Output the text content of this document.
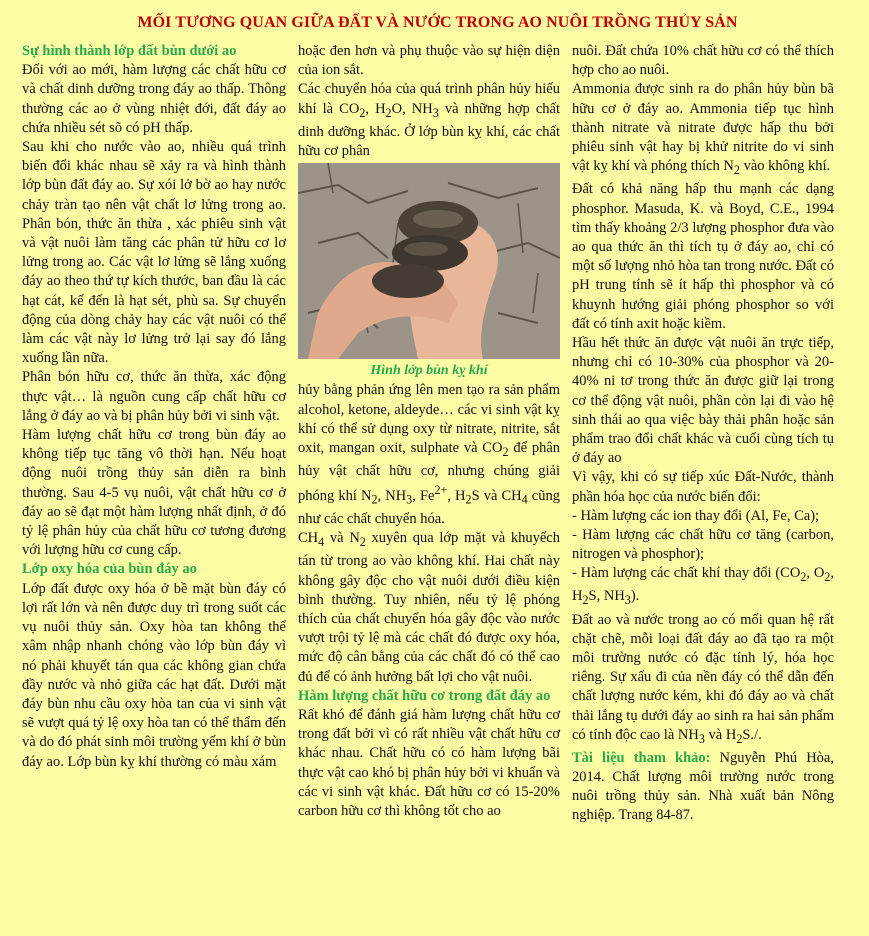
MỐI TƯƠNG QUAN GIỮA ĐẤT VÀ NƯỚC TRONG AO NUÔI TRỒNG THỦY SẢN

Sự hình thành lớp đất bùn dưới ao

Đối với ao mới, hàm lượng các chất hữu cơ và chất dinh dưỡng trong đáy ao thấp. Thông thường các ao ở vùng nhiệt đới, đất đáy ao chứa nhiều sét sõ có pH thấp.

Sau khi cho nước vào ao, nhiều quá trình biến đổi khác nhau sẽ xảy ra và hình thành lớp bùn đất đáy ao. Sự xói lở bờ ao hay nước chảy tràn tạo nên vật chất lơ lửng trong ao. Phân bón, thức ăn thừa , xác phiêu sinh vật và vật nuôi làm tăng các phân tử hữu cơ lơ lửng trong ao. Các vật lơ lửng sẽ lắng xuống đáy ao theo thứ tự kích thước, ban đầu là các hạt cát, kế đến là hạt sét, phù sa. Sự chuyển động của dòng chảy hay các vật nuôi có thể làm các vật này lơ lửng trở lại say đó lắng xuống lần nữa.

Phân bón hữu cơ, thức ăn thừa, xác động thực vật… là nguồn cung cấp chất hữu cơ lắng ở đáy ao và bị phân hủy bởi vi sinh vật.

Hàm lượng chất hữu cơ trong bùn đáy ao không tiếp tục tăng vô thời hạn. Nếu hoạt động nuôi trồng thủy sản diễn ra bình thường. Sau 4-5 vụ nuôi, vật chất hữu cơ ở đáy ao sẽ đạt một hàm lượng nhất định, ở đó tỷ lệ phân hủy của chất hữu cơ tương đương với lượng hữu cơ cung cấp.

Lớp oxy hóa của bùn đáy ao

Lớp đất được oxy hóa ở bề mặt bùn đáy có lợi rất lớn và nên được duy trì trong suốt các vụ nuôi thủy sản. Oxy hòa tan không thể xâm nhập nhanh chóng vào lớp bùn đáy vì nó phải khuyết tán qua các không gian chứa đầy nước và nhỏ giữa các hạt đất. Dưới mặt đáy bùn nhu cầu oxy hòa tan của vi sinh vật sẽ vượt quá tỷ lệ oxy hòa tan có thể thẩm đến và do đó phát sinh môi trường yếm khí ở bùn đáy ao. Lớp bùn kỵ khí thường có màu xám

hoặc đen hơn và phụ thuộc vào sự hiện diện của ion sắt.

Các chuyển hóa của quá trình phân hủy hiếu khí là $CO_2$, $H_2O$, $NH_3$ và những hợp chất dinh dưỡng khác. Ở lớp bùn kỵ khí, các chất hữu cơ phân

Hình lớp bùn kỵ khí

hủy bằng phản ứng lên men tạo ra sản phẩm alcohol, ketone, aldeyde… các vi sinh vật kỵ khí có thể sử dụng oxy từ nitrate, nitrite, sắt oxit, mangan oxit, sulphate và $CO_2$ để phân hủy vật chất hữu cơ, nhưng chúng giải phóng khí $N_2$, $NH_3$, $Fe^{2+}$, $H_2S$ và $CH_4$ cũng như các chất chuyển hóa.

$CH_4$ và $N_2$ xuyên qua lớp mặt và khuyếch tán từ trong ao vào không khí. Hai chất này không gây độc cho vật nuôi dưới điều kiện bình thường. Tuy nhiên, nếu tỷ lệ phóng thích của chất chuyển hóa gây độc vào nước vượt trội tỷ lệ mà các chất đó được oxy hóa, mức độ cân bằng của các chất đó có thể cao đủ để có ảnh hưởng bất lợi cho vật nuôi.

Hàm lượng chất hữu cơ trong đất đáy ao

Rất khó để đánh giá hàm lượng chất hữu cơ trong đất bởi vì có rất nhiều vật chất hữu cơ khác nhau. Chất hữu có có hàm lượng bãi thực vật cao khó bị phân hủy bởi vi khuẩn và các vi sinh vật khác. Đất hữu cơ có 15-20% carbon hữu cơ thì không tốt cho ao

nuôi. Đất chứa 10% chất hữu cơ có thể thích hợp cho ao nuôi.

Ammonia được sinh ra do phân hủy bùn bã hữu cơ ở đáy ao. Ammonia tiếp tục hình thành nitrate và nitrate được hấp thu bởi phiêu sinh vật hay bị khử nitrite do vi sinh vật kỵ khí và phóng thích $N_2$ vào không khí.

Đất có khả năng hấp thu mạnh các dạng phosphor. Masuda, K. và Boyd, C.E., 1994 tìm thấy khoảng 2/3 lượng phosphor đưa vào ao qua thức ăn thì tích tụ ở đáy ao, chỉ có một số lượng nhỏ hòa tan trong nước. Đất có pH trung tính sẽ ít hấp thì phosphor và có khuynh hướng giải phóng phosphor so với đất có tính axit hoặc kiềm.

Hầu hết thức ăn được vật nuôi ăn trực tiếp, nhưng chỉ có 10-30% của phosphor và 20-40% ni tơ trong thức ăn được giữ lại trong cơ thể động vật nuôi, phần còn lại đi vào hệ sinh thái ao qua việc bày thải phân hoặc sản phẩm trao đổi chất khác và cuối cùng tích tụ ở đáy ao

Vì vậy, khi có sự tiếp xúc Đất-Nước, thành phần hóa học của nước biến đổi:

- Hàm lượng các ion thay đổi (Al, Fe, Ca);

- Hàm lượng các chất hữu cơ tăng (carbon, nitrogen và phosphor);

- Hàm lượng các chất khí thay đổi ($CO_2$, $O_2$, $H_2S$, $NH_3$).

Đất ao và nước trong ao có mối quan hệ rất chặt chẽ, mỗi loại đất đáy ao đã tạo ra một môi trường nước có đặc tính lý, hóa học riêng. Sự xấu đi của nền đáy có thể dẫn đến chất lượng nước kém, khi đó đáy ao và chất thải lắng tụ dưới đáy ao sinh ra hai sản phẩm có tính độc cao là $NH_3$ và $H_2S./$.

Tài liệu tham khảo: Nguyễn Phú Hòa, 2014. Chất lượng môi trường nước trong nuôi trồng thủy sản. Nhà xuất bản Nông nghiệp. Trang 84-87.
